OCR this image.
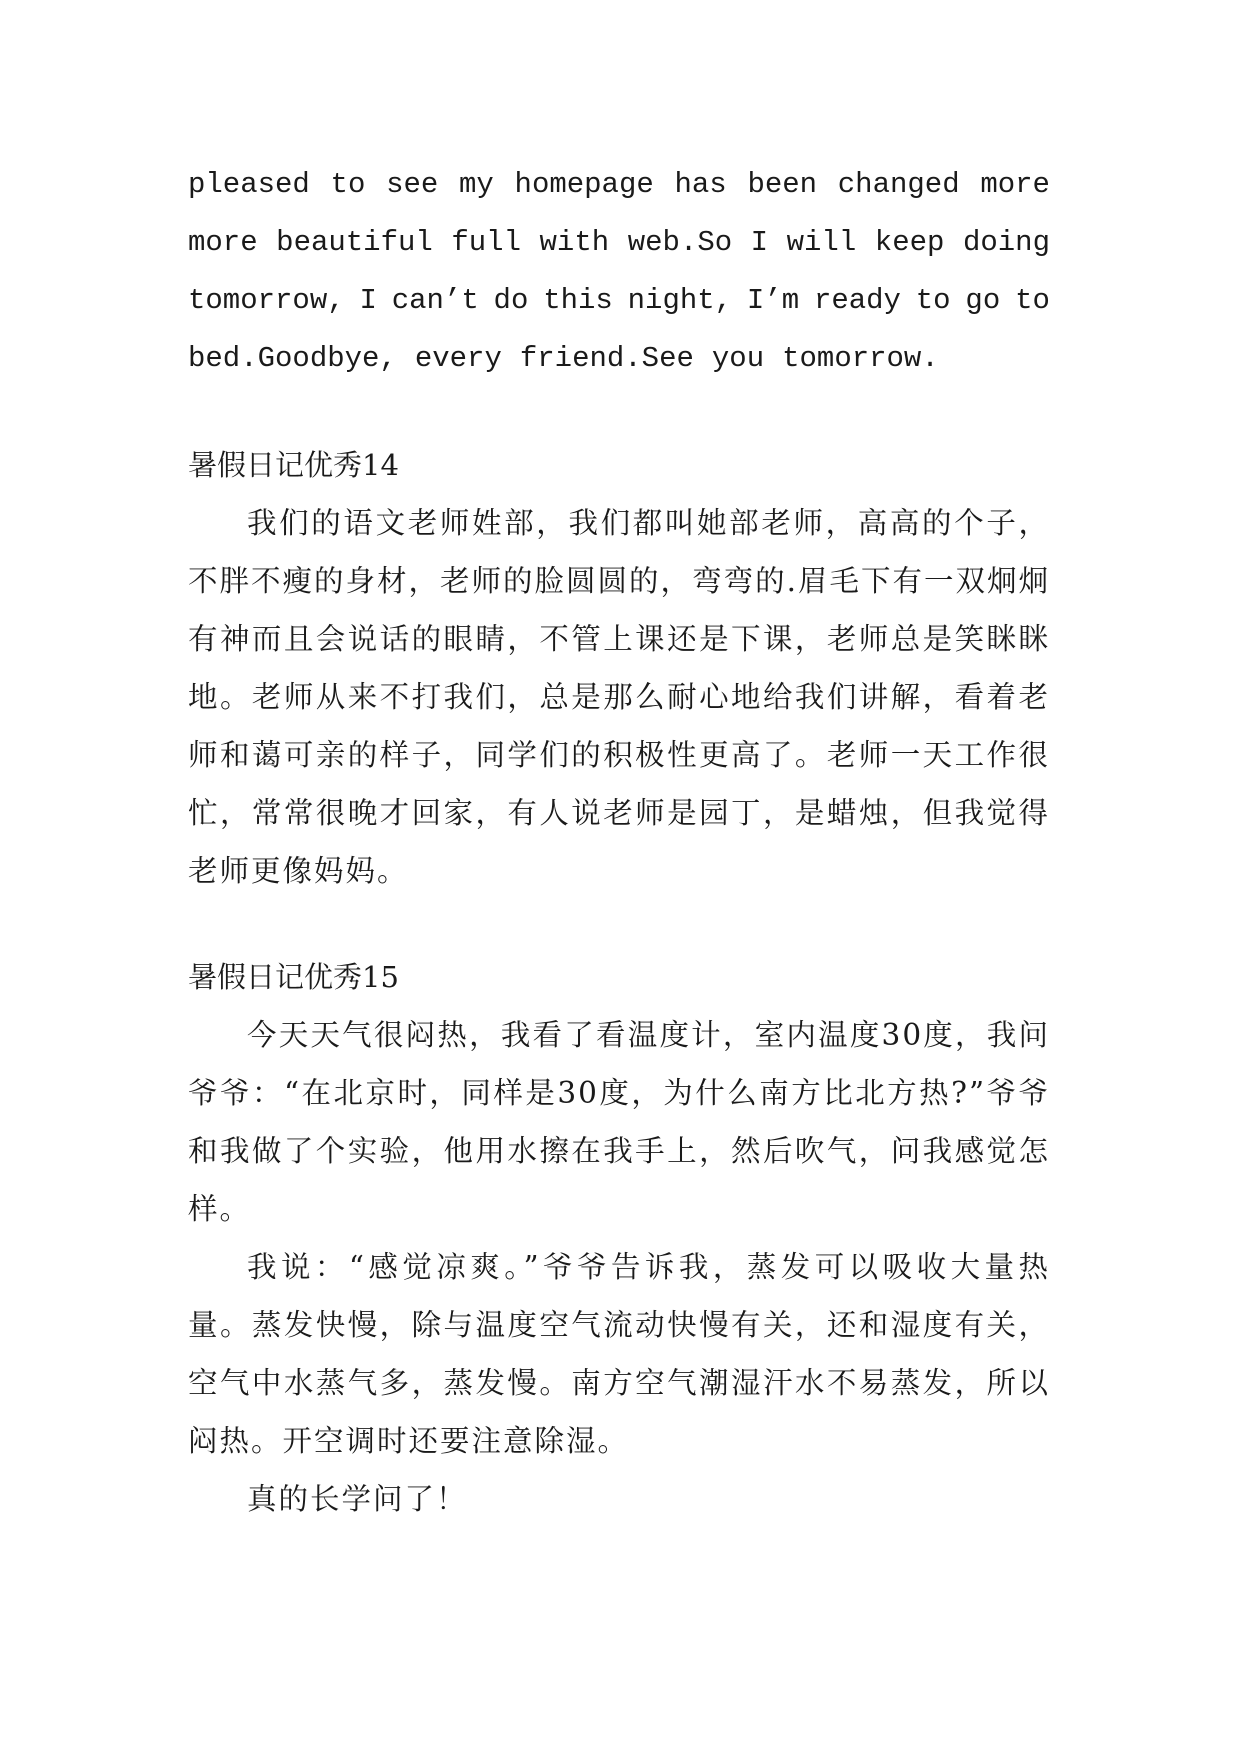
pleased to see my homepage has been changed more

more beautiful full with web.So I will keep doing

tomorrow, I can’t do this night, I’m ready to go to

bed.Goodbye, every friend.See you tomorrow.

暑假日记优秀14

我们的语文老师姓部，我们都叫她部老师，高高的个子，不胖不瘦的身材，老师的脸圆圆的，弯弯的.眉毛下有一双炯炯有神而且会说话的眼睛，不管上课还是下课，老师总是笑眯眯地。老师从来不打我们，总是那么耐心地给我们讲解，看着老师和蔼可亲的样子，同学们的积极性更高了。老师一天工作很忙，常常很晚才回家，有人说老师是园丁，是蜡烛，但我觉得老师更像妈妈。

暑假日记优秀15

今天天气很闷热，我看了看温度计，室内温度30度，我问爷爷：“在北京时，同样是30度，为什么南方比北方热?”爷爷和我做了个实验，他用水擦在我手上，然后吹气，问我感觉怎样。

我说：“感觉凉爽。”爷爷告诉我，蒸发可以吸收大量热量。蒸发快慢，除与温度空气流动快慢有关，还和湿度有关，空气中水蒸气多，蒸发慢。南方空气潮湿汗水不易蒸发，所以闷热。开空调时还要注意除湿。

真的长学问了！
